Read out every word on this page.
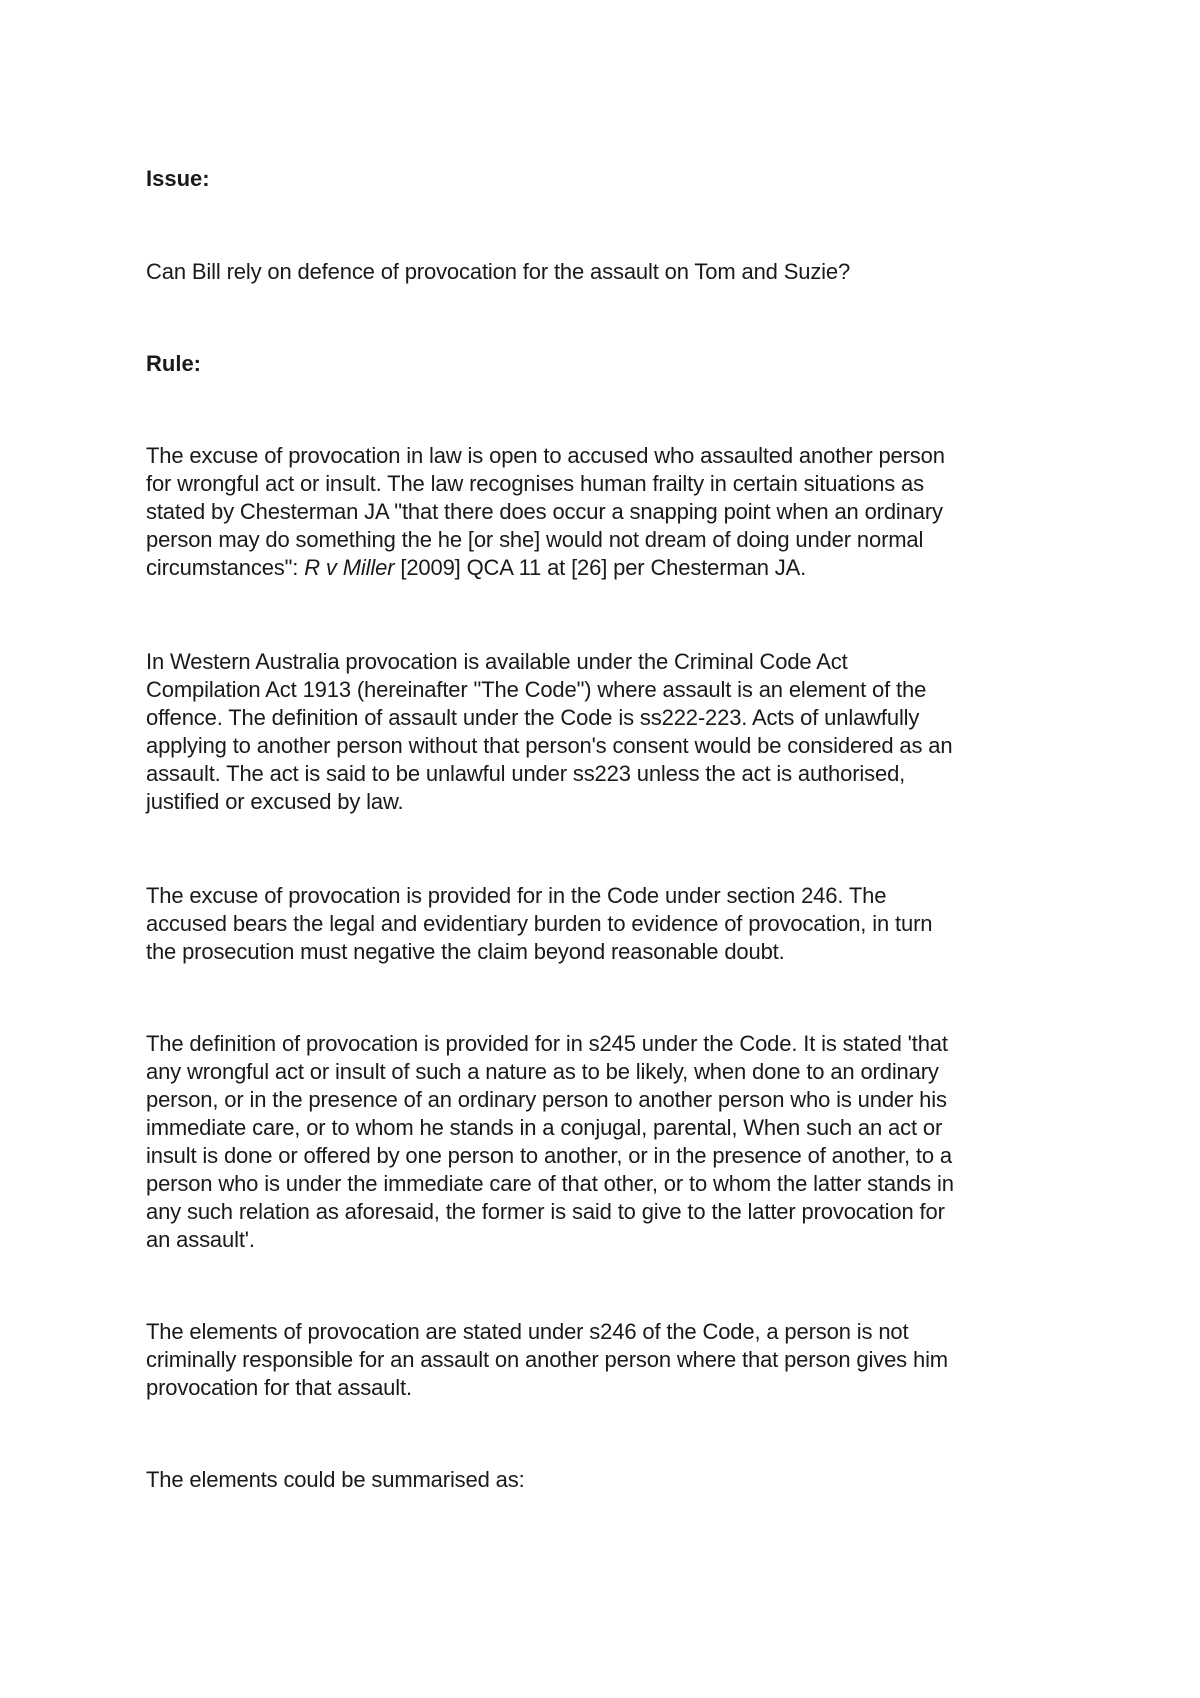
Issue:
Can Bill rely on defence of provocation for the assault on Tom and Suzie?
Rule:
The excuse of provocation in law is open to accused who assaulted another person
for wrongful act or insult. The law recognises human frailty in certain situations as
stated by Chesterman JA "that there does occur a snapping point when an ordinary
person may do something the he [or she] would not dream of doing under normal
circumstances": R v Miller [2009] QCA 11 at [26] per Chesterman JA.
In Western Australia provocation is available under the Criminal Code Act
Compilation Act 1913 (hereinafter "The Code") where assault is an element of the
offence. The definition of assault under the Code is ss222-223. Acts of unlawfully
applying to another person without that person's consent would be considered as an
assault. The act is said to be unlawful under ss223 unless the act is authorised,
justified or excused by law.
The excuse of provocation is provided for in the Code under section 246. The
accused bears the legal and evidentiary burden to evidence of provocation, in turn
the prosecution must negative the claim beyond reasonable doubt.
The definition of provocation is provided for in s245 under the Code. It is stated 'that
any wrongful act or insult of such a nature as to be likely, when done to an ordinary
person, or in the presence of an ordinary person to another person who is under his
immediate care, or to whom he stands in a conjugal, parental, When such an act or
insult is done or offered by one person to another, or in the presence of another, to a
person who is under the immediate care of that other, or to whom the latter stands in
any such relation as aforesaid, the former is said to give to the latter provocation for
an assault'.
The elements of provocation are stated under s246 of the Code, a person is not
criminally responsible for an assault on another person where that person gives him
provocation for that assault.
The elements could be summarised as:
